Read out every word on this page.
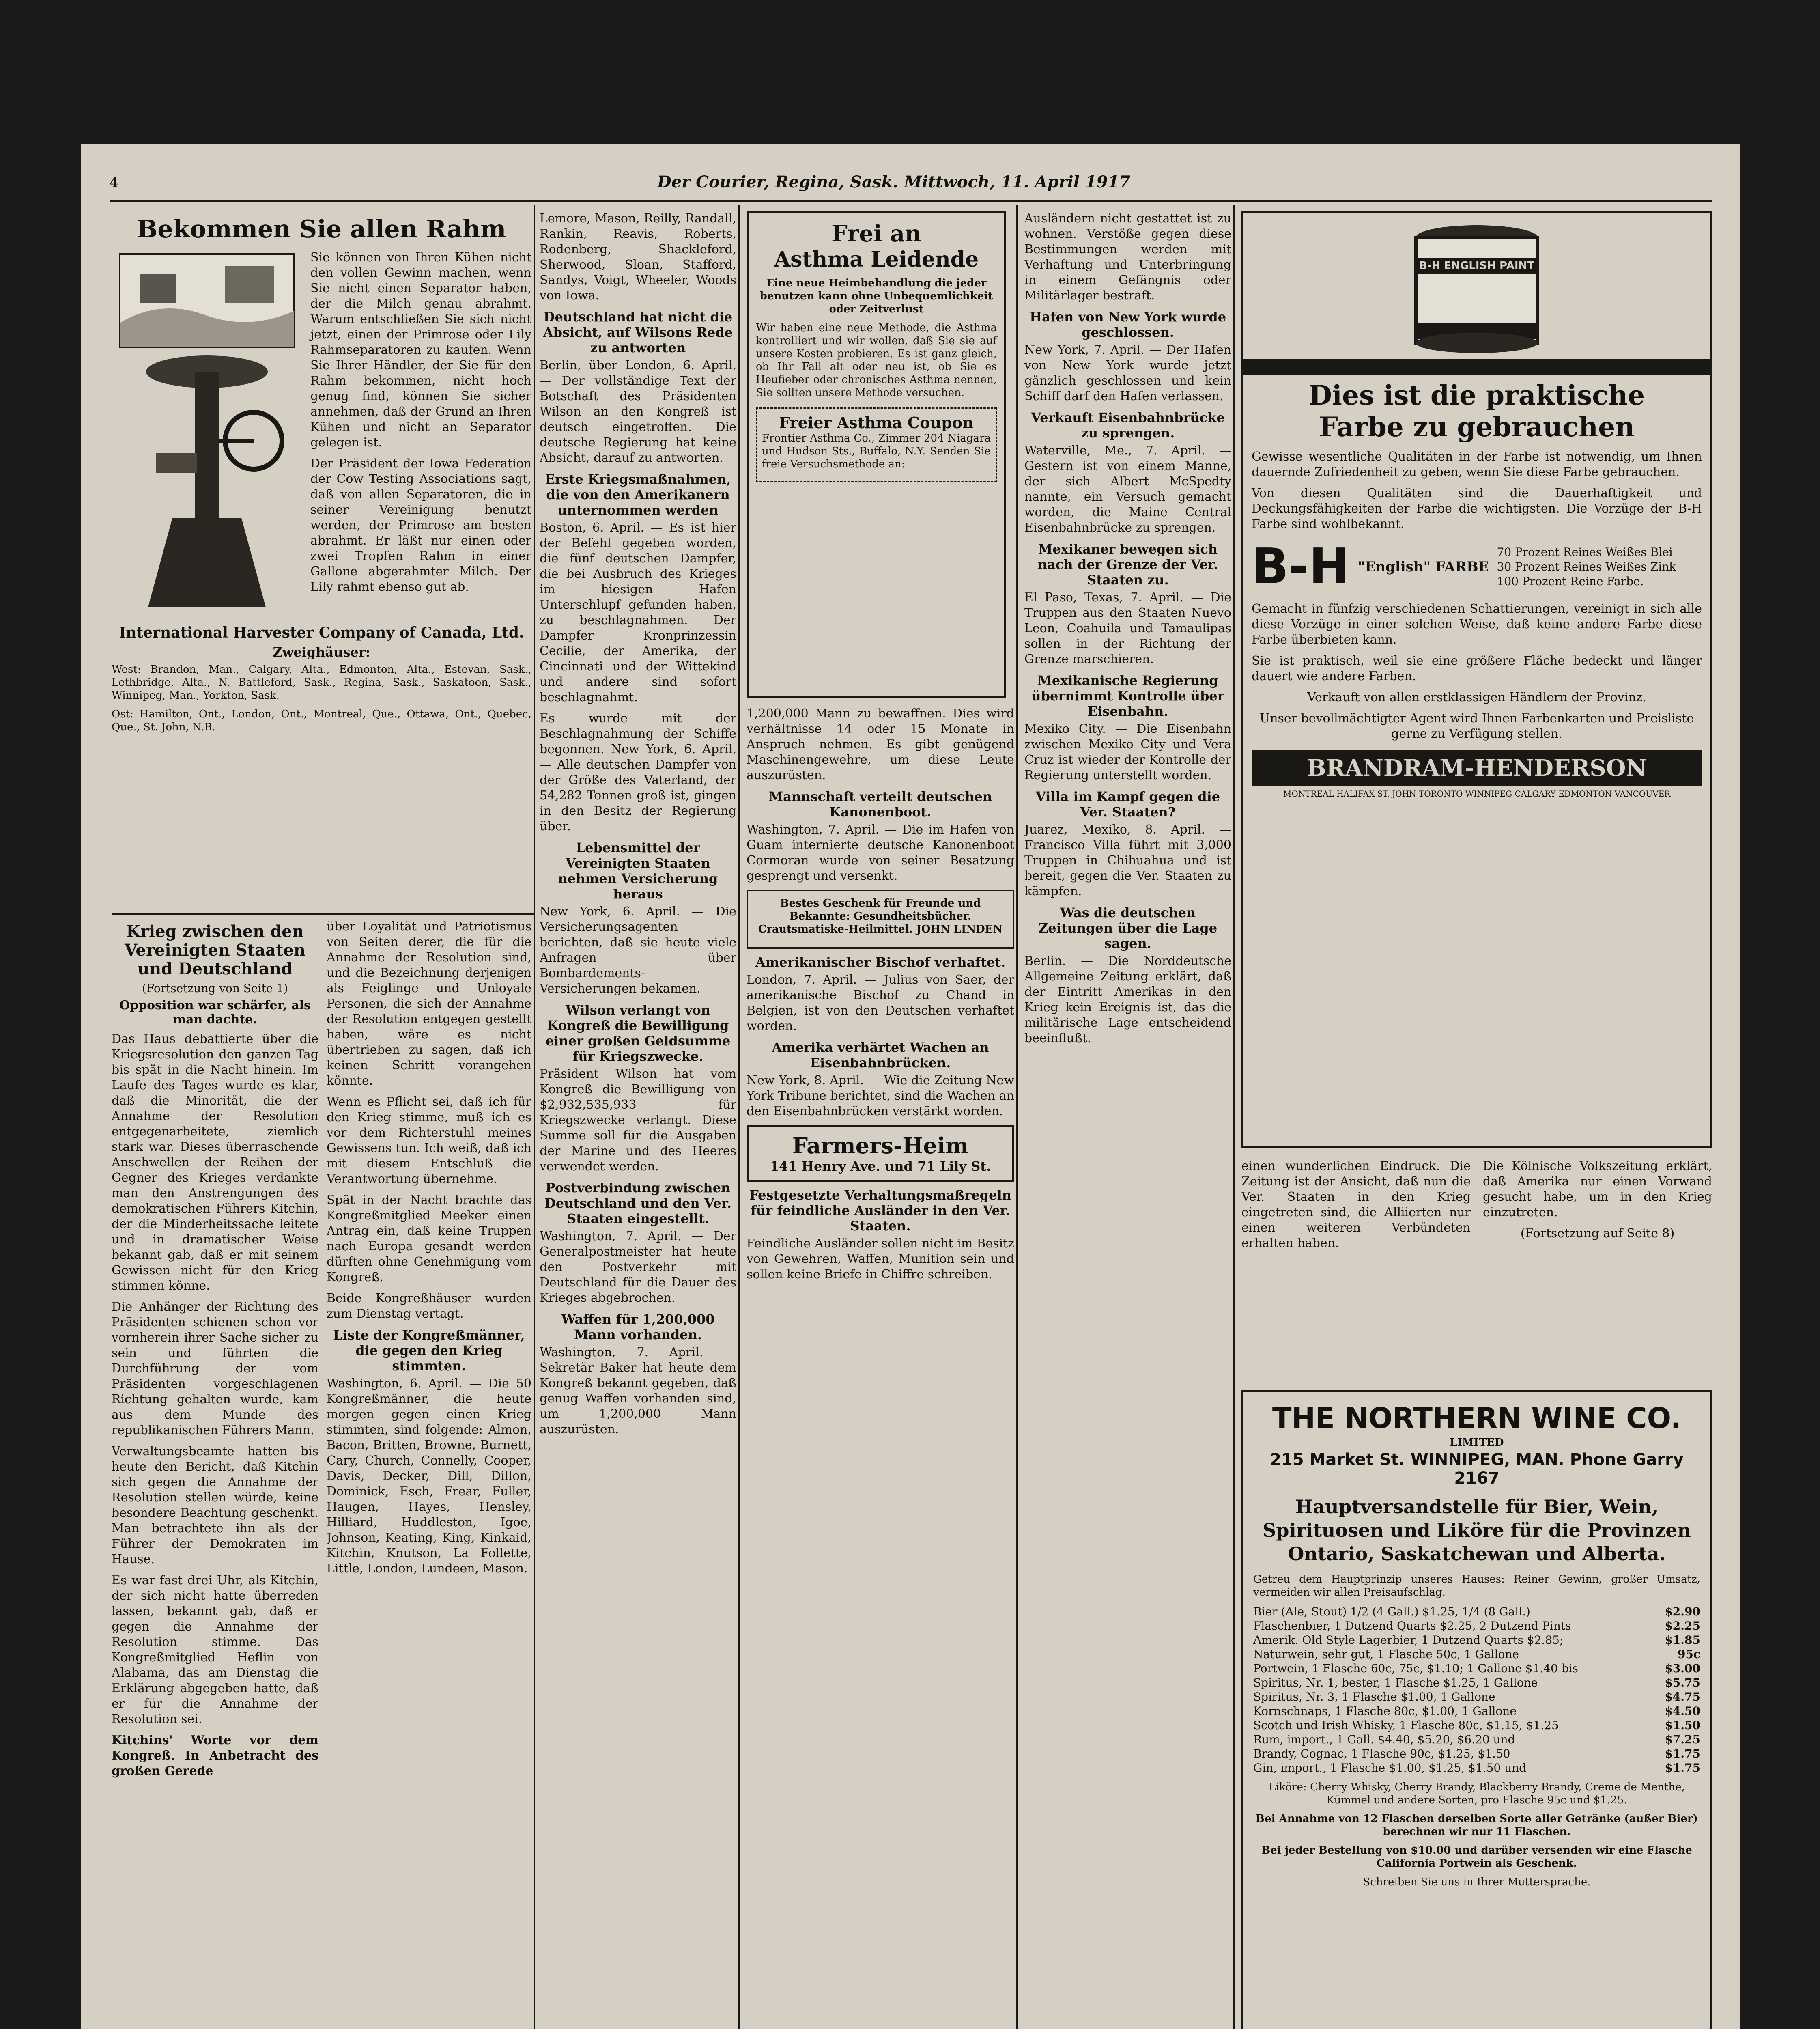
4	Der Courier, Regina, Sask. Mittwoch, 11. April 1917
Bekommen Sie allen Rahm

Sie können von Ihren Kühen nicht den vollen Gewinn machen, wenn Sie nicht einen Separator haben, der die Milch genau abrahmt. Warum entschließen Sie sich nicht jetzt, einen der Primrose oder Lily Rahmseparatoren zu kaufen. Wenn Sie Ihrer Händler, der Sie für den Rahm bekommen, nicht hoch genug find, können Sie sicher annehmen, daß der Grund an Ihren Kühen und nicht an Separator gelegen ist.

Der Präsident der Iowa Federation der Cow Testing Associations sagt, daß von allen Separatoren, die in seiner Vereinigung benutzt werden, der Primrose am besten abrahmt. Er läßt nur einen oder zwei Tropfen Rahm in einer Gallone abgerahmter Milch. Der Lily rahmt ebenso gut ab.

International Harvester Company of Canada, Ltd.
Zweighäuser:

West: Brandon, Man., Calgary, Alta., Edmonton, Alta., Estevan, Sask., Lethbridge, Alta., N. Battleford, Sask., Regina, Sask., Saskatoon, Sask., Winnipeg, Man., Yorkton, Sask.

Ost: Hamilton, Ont., London, Ont., Montreal, Que., Ottawa, Ont., Quebec, Que., St. John, N.B.

Krieg zwischen den Vereinigten Staaten und Deutschland
(Fortsetzung von Seite 1)
Opposition war schärfer, als man dachte.

Das Haus debattierte über die Kriegsresolution den ganzen Tag bis spät in die Nacht hinein. Im Laufe des Tages wurde es klar, daß die Minorität, die der Annahme der Resolution entgegenarbeitete, ziemlich stark war. Dieses überraschende Anschwellen der Reihen der Gegner des Krieges verdankte man den Anstrengungen des demokratischen Führers Kitchin, der die Minderheitssache leitete und in dramatischer Weise bekannt gab, daß er mit seinem Gewissen nicht für den Krieg stimmen könne.

Die Anhänger der Richtung des Präsidenten schienen schon vor vornherein ihrer Sache sicher zu sein und führten die Durchführung der vom Präsidenten vorgeschlagenen Richtung gehalten wurde, kam aus dem Munde des republikanischen Führers Mann.

Verwaltungsbeamte hatten bis heute den Bericht, daß Kitchin sich gegen die Annahme der Resolution stellen würde, keine besondere Beachtung geschenkt. Man betrachtete ihn als der Führer der Demokraten im Hause.

Es war fast drei Uhr, als Kitchin, der sich nicht hatte überreden lassen, bekannt gab, daß er gegen die Annahme der Resolution stimme. Das Kongreßmitglied Heflin von Alabama, das am Dienstag die Erklärung abgegeben hatte, daß er für die Annahme der Resolution sei.

Kitchins' Worte vor dem Kongreß. In Anbetracht des großen Gerede

über Loyalität und Patriotismus von Seiten derer, die für die Annahme der Resolution sind, und die Bezeichnung derjenigen als Feiglinge und Unloyale Personen, die sich der Annahme der Resolution entgegen gestellt haben, wäre es nicht übertrieben zu sagen, daß ich keinen Schritt vorangehen könnte.

Wenn es Pflicht sei, daß ich für den Krieg stimme, muß ich es vor dem Richterstuhl meines Gewissens tun. Ich weiß, daß ich mit diesem Entschluß die Verantwortung übernehme.

Spät in der Nacht brachte das Kongreßmitglied Meeker einen Antrag ein, daß keine Truppen nach Europa gesandt werden dürften ohne Genehmigung vom Kongreß.

Beide Kongreßhäuser wurden zum Dienstag vertagt.

Liste der Kongreßmänner, die gegen den Krieg stimmten.

Washington, 6. April. — Die 50 Kongreßmänner, die heute morgen gegen einen Krieg stimmten, sind folgende: Almon, Bacon, Britten, Browne, Burnett, Cary, Church, Connelly, Cooper, Davis, Decker, Dill, Dillon, Dominick, Esch, Frear, Fuller, Haugen, Hayes, Hensley, Hilliard, Huddleston, Igoe, Johnson, Keating, King, Kinkaid, Kitchin, Knutson, La Follette, Little, London, Lundeen, Mason.

Lemore, Mason, Reilly, Randall, Rankin, Reavis, Roberts, Rodenberg, Shackleford, Sherwood, Sloan, Stafford, Sandys, Voigt, Wheeler, Woods von Iowa.

Deutschland hat nicht die Absicht, auf Wilsons Rede zu antworten

Berlin, über London, 6. April. — Der vollständige Text der Botschaft des Präsidenten Wilson an den Kongreß ist deutsch eingetroffen. Die deutsche Regierung hat keine Absicht, darauf zu antworten.

Erste Kriegsmaßnahmen, die von den Amerikanern unternommen werden

Boston, 6. April. — Es ist hier der Befehl gegeben worden, die fünf deutschen Dampfer, die bei Ausbruch des Krieges im hiesigen Hafen Unterschlupf gefunden haben, zu beschlagnahmen. Der Dampfer Kronprinzessin Cecilie, der Amerika, der Cincinnati und der Wittekind und andere sind sofort beschlagnahmt.

Es wurde mit der Beschlagnahmung der Schiffe begonnen. New York, 6. April. — Alle deutschen Dampfer von der Größe des Vaterland, der 54,282 Tonnen groß ist, gingen in den Besitz der Regierung über.

Lebensmittel der Vereinigten Staaten nehmen Versicherung heraus

New York, 6. April. — Die Versicherungsagenten berichten, daß sie heute viele Anfragen über Bombardements-Versicherungen bekamen.

Wilson verlangt von Kongreß die Bewilligung einer großen Geldsumme für Kriegszwecke.

Präsident Wilson hat vom Kongreß die Bewilligung von $2,932,535,933 für Kriegszwecke verlangt. Diese Summe soll für die Ausgaben der Marine und des Heeres verwendet werden.

Postverbindung zwischen Deutschland und den Ver. Staaten eingestellt.

Washington, 7. April. — Der Generalpostmeister hat heute den Postverkehr mit Deutschland für die Dauer des Krieges abgebrochen.

Waffen für 1,200,000 Mann vorhanden.

Washington, 7. April. — Sekretär Baker hat heute dem Kongreß bekannt gegeben, daß genug Waffen vorhanden sind, um 1,200,000 Mann auszurüsten.

Frei an
Asthma Leidende

Eine neue Heimbehandlung die jeder benutzen kann ohne Unbequemlichkeit oder Zeitverlust

Wir haben eine neue Methode, die Asthma kontrolliert und wir wollen, daß Sie sie auf unsere Kosten probieren. Es ist ganz gleich, ob Ihr Fall alt oder neu ist, ob Sie es Heufieber oder chronisches Asthma nennen, Sie sollten unsere Methode versuchen.

Freier Asthma Coupon

Frontier Asthma Co., Zimmer 204 Niagara und Hudson Sts., Buffalo, N.Y. Senden Sie freie Versuchsmethode an:

1,200,000 Mann zu bewaffnen. Dies wird verhältnisse 14 oder 15 Monate in Anspruch nehmen. Es gibt genügend Maschinengewehre, um diese Leute auszurüsten.

Mannschaft verteilt deutschen Kanonenboot.

Washington, 7. April. — Die im Hafen von Guam internierte deutsche Kanonenboot Cormoran wurde von seiner Besatzung gesprengt und versenkt.

Bestes Geschenk für Freunde und Bekannte: Gesundheitsbücher. Crautsmatiske-Heilmittel. JOHN LINDEN

Amerikanischer Bischof verhaftet.

London, 7. April. — Julius von Saer, der amerikanische Bischof zu Chand in Belgien, ist von den Deutschen verhaftet worden.

Amerika verhärtet Wachen an Eisenbahnbrücken.

New York, 8. April. — Wie die Zeitung New York Tribune berichtet, sind die Wachen an den Eisenbahnbrücken verstärkt worden.

Farmers-Heim
141 Henry Ave. und 71 Lily St.
Festgesetzte Verhaltungsmaßregeln für feindliche Ausländer in den Ver. Staaten.

Feindliche Ausländer sollen nicht im Besitz von Gewehren, Waffen, Munition sein und sollen keine Briefe in Chiffre schreiben.

Ausländern nicht gestattet ist zu wohnen. Verstöße gegen diese Bestimmungen werden mit Verhaftung und Unterbringung in einem Gefängnis oder Militärlager bestraft.

Hafen von New York wurde geschlossen.

New York, 7. April. — Der Hafen von New York wurde jetzt gänzlich geschlossen und kein Schiff darf den Hafen verlassen.

Verkauft Eisenbahnbrücke zu sprengen.

Waterville, Me., 7. April. — Gestern ist von einem Manne, der sich Albert McSpedty nannte, ein Versuch gemacht worden, die Maine Central Eisenbahnbrücke zu sprengen.

Mexikaner bewegen sich nach der Grenze der Ver. Staaten zu.

El Paso, Texas, 7. April. — Die Truppen aus den Staaten Nuevo Leon, Coahuila und Tamaulipas sollen in der Richtung der Grenze marschieren.

Mexikanische Regierung übernimmt Kontrolle über Eisenbahn.

Mexiko City. — Die Eisenbahn zwischen Mexiko City und Vera Cruz ist wieder der Kontrolle der Regierung unterstellt worden.

Villa im Kampf gegen die Ver. Staaten?

Juarez, Mexiko, 8. April. — Francisco Villa führt mit 3,000 Truppen in Chihuahua und ist bereit, gegen die Ver. Staaten zu kämpfen.

Was die deutschen Zeitungen über die Lage sagen.

Berlin. — Die Norddeutsche Allgemeine Zeitung erklärt, daß der Eintritt Amerikas in den Krieg kein Ereignis ist, das die militärische Lage entscheidend beeinflußt.

B-H ENGLISH PAINT
Dies ist die praktische
Farbe zu gebrauchen

Gewisse wesentliche Qualitäten in der Farbe ist notwendig, um Ihnen dauernde Zufriedenheit zu geben, wenn Sie diese Farbe gebrauchen.

Von diesen Qualitäten sind die Dauerhaftigkeit und Deckungsfähigkeiten der Farbe die wichtigsten. Die Vorzüge der B-H Farbe sind wohlbekannt.

B-H "English" FARBE
70 Prozent Reines Weißes Blei
30 Prozent Reines Weißes Zink
100 Prozent Reine Farbe.

Gemacht in fünfzig verschiedenen Schattierungen, vereinigt in sich alle diese Vorzüge in einer solchen Weise, daß keine andere Farbe diese Farbe überbieten kann.

Sie ist praktisch, weil sie eine größere Fläche bedeckt und länger dauert wie andere Farben.

Verkauft von allen erstklassigen Händlern der Provinz.

Unser bevollmächtigter Agent wird Ihnen Farbenkarten und Preisliste gerne zu Verfügung stellen.

BRANDRAM-HENDERSON
MONTREAL HALIFAX ST. JOHN TORONTO WINNIPEG CALGARY EDMONTON VANCOUVER

einen wunderlichen Eindruck. Die Zeitung ist der Ansicht, daß nun die Ver. Staaten in den Krieg eingetreten sind, die Alliierten nur einen weiteren Verbündeten erhalten haben.

Die Kölnische Volkszeitung erklärt, daß Amerika nur einen Vorwand gesucht habe, um in den Krieg einzutreten.

(Fortsetzung auf Seite 8)

THE NORTHERN WINE CO.
LIMITED
215 Market St. WINNIPEG, MAN. Phone Garry 2167
Hauptversandstelle für Bier, Wein, Spirituosen und Liköre für die Provinzen Ontario, Saskatchewan und Alberta.

Getreu dem Hauptprinzip unseres Hauses: Reiner Gewinn, großer Umsatz, vermeiden wir allen Preisaufschlag.

Bier (Ale, Stout) 1/2 (4 Gall.) $1.25, 1/4 (8 Gall.)	$2.90
Flaschenbier, 1 Dutzend Quarts $2.25, 2 Dutzend Pints	$2.25
Amerik. Old Style Lagerbier, 1 Dutzend Quarts $2.85;	$1.85
Naturwein, sehr gut, 1 Flasche 50c, 1 Gallone	95c
Portwein, 1 Flasche 60c, 75c, $1.10; 1 Gallone $1.40 bis	$3.00
Spiritus, Nr. 1, bester, 1 Flasche $1.25, 1 Gallone	$5.75
Spiritus, Nr. 3, 1 Flasche $1.00, 1 Gallone	$4.75
Kornschnaps, 1 Flasche 80c, $1.00, 1 Gallone	$4.50
Scotch und Irish Whisky, 1 Flasche 80c, $1.15, $1.25	$1.50
Rum, import., 1 Gall. $4.40, $5.20, $6.20 und	$7.25
Brandy, Cognac, 1 Flasche 90c, $1.25, $1.50	$1.75
Gin, import., 1 Flasche $1.00, $1.25, $1.50 und	$1.75

Liköre: Cherry Whisky, Cherry Brandy, Blackberry Brandy, Creme de Menthe, Kümmel und andere Sorten, pro Flasche 95c und $1.25.

Bei Annahme von 12 Flaschen derselben Sorte aller Getränke (außer Bier) berechnen wir nur 11 Flaschen.

Bei jeder Bestellung von $10.00 und darüber versenden wir eine Flasche California Portwein als Geschenk.

Schreiben Sie uns in Ihrer Muttersprache.
